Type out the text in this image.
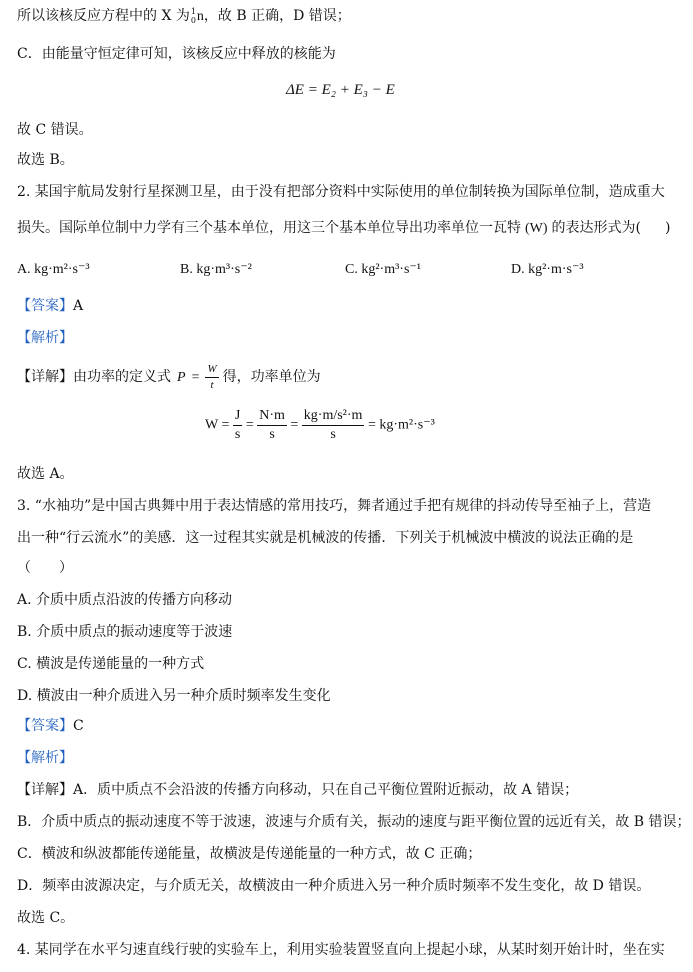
所以该核反应方程中的 X 为 1
0 n，故 B 正确，D 错误；
C．由能量守恒定律可知，该核反应中释放的核能为
ΔE = E₂ + E₃ − E
故 C 错误。
故选 B。
2. 某国宇航局发射行星探测卫星，由于没有把部分资料中实际使用的单位制转换为国际单位制，造成重大
损失。国际单位制中力学有三个基本单位，用这三个基本单位导出功率单位一瓦特 (W) 的表达形式为( )
A. kg·m²·s⁻³	B. kg·m³·s⁻²	C. kg²·m³·s⁻¹	D. kg²·m·s⁻³
【答案】A
【解析】
【详解】由功率的定义式 $P = \frac{W}{t}$ 得，功率单位为
$W = \frac{J}{s} = \frac{N\cdot m}{s} = \frac{\text{kg·m/s²·m}}{s} = kg\cdot m^2\cdot s^{-3}$
故选 A。
3. “水袖功”是中国古典舞中用于表达情感的常用技巧，舞者通过手把有规律的抖动传导至袖子上，营造
出一种“行云流水”的美感．这一过程其实就是机械波的传播．下列关于机械波中横波的说法正确的是
（　　）
A. 介质中质点沿波的传播方向移动
B. 介质中质点的振动速度等于波速
C. 横波是传递能量的一种方式
D. 横波由一种介质进入另一种介质时频率发生变化
【答案】C
【解析】
【详解】A．质中质点不会沿波的传播方向移动，只在自己平衡位置附近振动，故 A 错误；
B．介质中质点的振动速度不等于波速，波速与介质有关，振动的速度与距平衡位置的远近有关，故 B 错误；
C．横波和纵波都能传递能量，故横波是传递能量的一种方式，故 C 正确；
D．频率由波源决定，与介质无关，故横波由一种介质进入另一种介质时频率不发生变化，故 D 错误。
故选 C。
4. 某同学在水平匀速直线行驶的实验车上，利用实验装置竖直向上提起小球，从某时刻开始计时，坐在实
